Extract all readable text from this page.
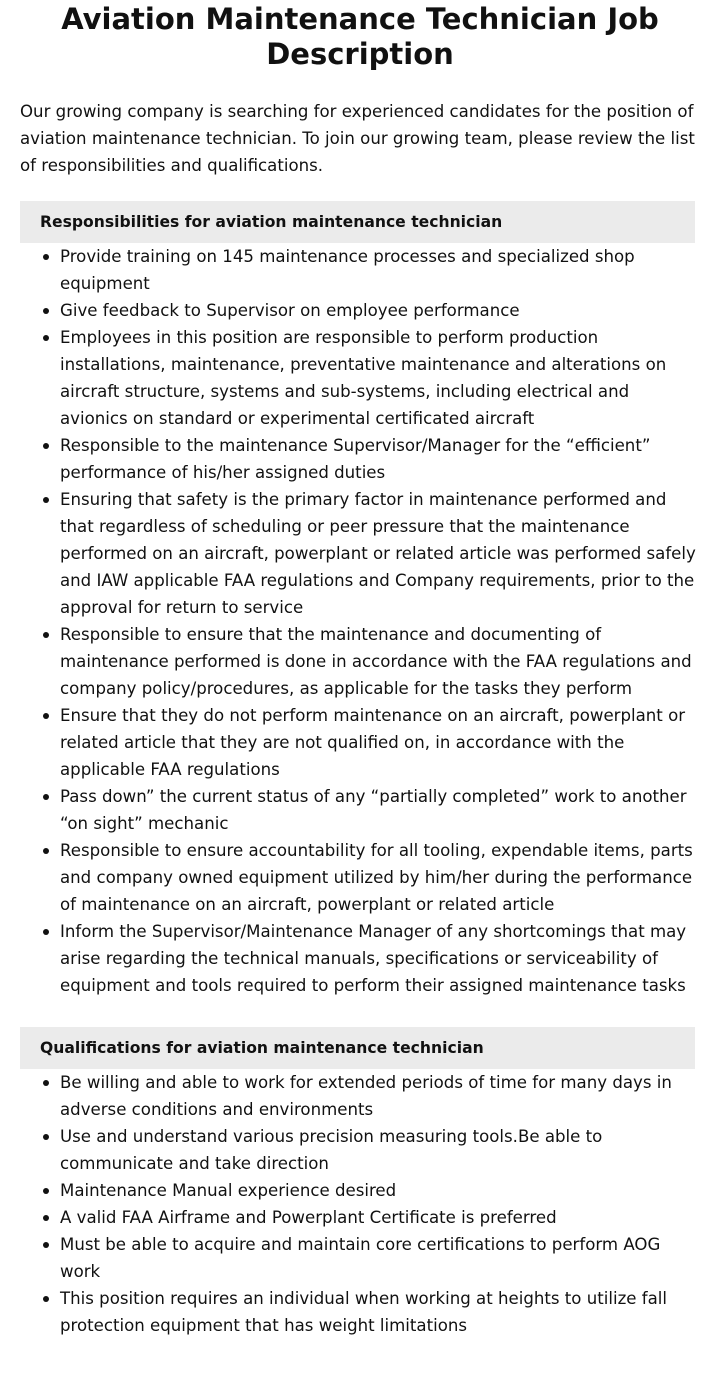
Aviation Maintenance Technician Job Description

Our growing company is searching for experienced candidates for the position of aviation maintenance technician. To join our growing team, please review the list of responsibilities and qualifications.

Responsibilities for aviation maintenance technician
Provide training on 145 maintenance processes and specialized shop equipment
Give feedback to Supervisor on employee performance
Employees in this position are responsible to perform production installations, maintenance, preventative maintenance and alterations on aircraft structure, systems and sub-systems, including electrical and avionics on standard or experimental certificated aircraft
Responsible to the maintenance Supervisor/Manager for the “efficient” performance of his/her assigned duties
Ensuring that safety is the primary factor in maintenance performed and that regardless of scheduling or peer pressure that the maintenance performed on an aircraft, powerplant or related article was performed safely and IAW applicable FAA regulations and Company requirements, prior to the approval for return to service
Responsible to ensure that the maintenance and documenting of maintenance performed is done in accordance with the FAA regulations and company policy/procedures, as applicable for the tasks they perform
Ensure that they do not perform maintenance on an aircraft, powerplant or related article that they are not qualified on, in accordance with the applicable FAA regulations
Pass down” the current status of any “partially completed” work to another “on sight” mechanic
Responsible to ensure accountability for all tooling, expendable items, parts and company owned equipment utilized by him/her during the performance of maintenance on an aircraft, powerplant or related article
Inform the Supervisor/Maintenance Manager of any shortcomings that may arise regarding the technical manuals, specifications or serviceability of equipment and tools required to perform their assigned maintenance tasks
Qualifications for aviation maintenance technician
Be willing and able to work for extended periods of time for many days in adverse conditions and environments
Use and understand various precision measuring tools.Be able to communicate and take direction
Maintenance Manual experience desired
A valid FAA Airframe and Powerplant Certificate is preferred
Must be able to acquire and maintain core certifications to perform AOG work
This position requires an individual when working at heights to utilize fall protection equipment that has weight limitations
